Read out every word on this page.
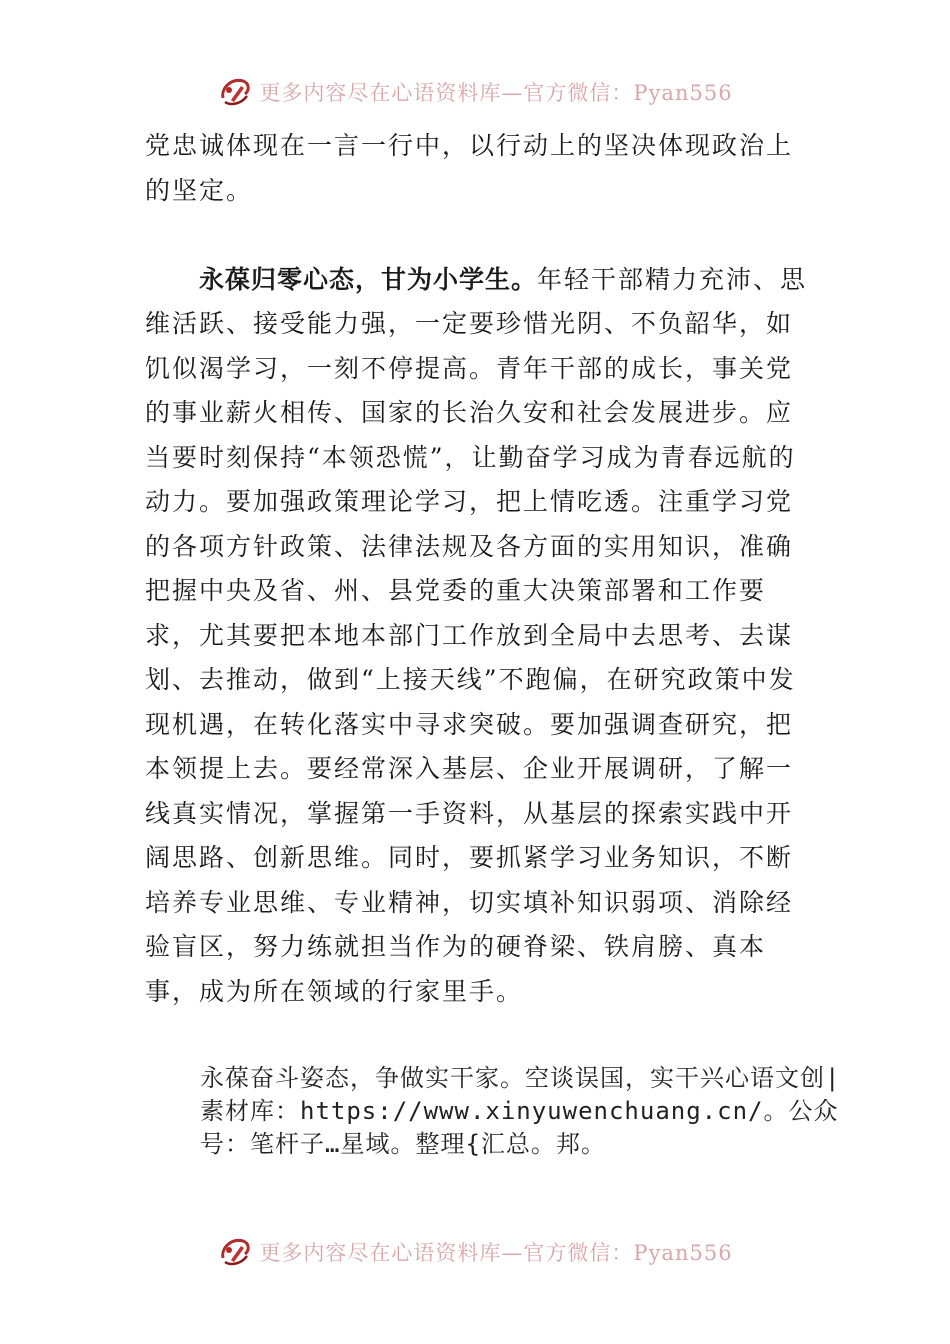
更多内容尽在心语资料库—官方微信：Pyan556

党忠诚体现在一言一行中，以行动上的坚决体现政治上的坚定。

永葆归零心态，甘为小学生。年轻干部精力充沛、思维活跃、接受能力强，一定要珍惜光阴、不负韶华，如饥似渴学习，一刻不停提高。青年干部的成长，事关党的事业薪火相传、国家的长治久安和社会发展进步。应当要时刻保持“本领恐慌”，让勤奋学习成为青春远航的动力。要加强政策理论学习，把上情吃透。注重学习党的各项方针政策、法律法规及各方面的实用知识，准确把握中央及省、州、县党委的重大决策部署和工作要求，尤其要把本地本部门工作放到全局中去思考、去谋划、去推动，做到“上接天线”不跑偏，在研究政策中发现机遇，在转化落实中寻求突破。要加强调查研究，把本领提上去。要经常深入基层、企业开展调研，了解一线真实情况，掌握第一手资料，从基层的探索实践中开阔思路、创新思维。同时，要抓紧学习业务知识，不断培养专业思维、专业精神，切实填补知识弱项、消除经验盲区，努力练就担当作为的硬脊梁、铁肩膀、真本事，成为所在领域的行家里手。

永葆奋斗姿态，争做实干家。空谈误国，实干兴心语文创|素材库：https://www.xinyuwenchuang.cn/。公众号：笔杆子…星域。整理{汇总。邦。
更多内容尽在心语资料库—官方微信：Pyan556
